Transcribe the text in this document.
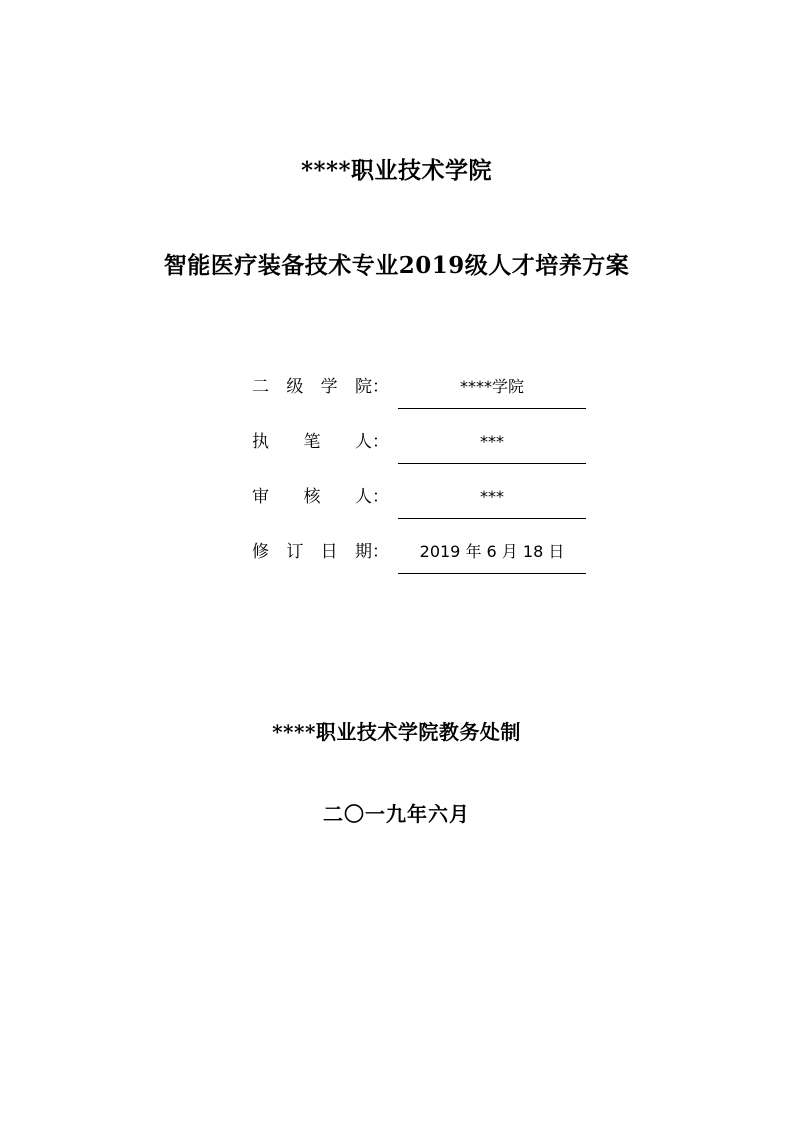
****职业技术学院
智能医疗装备技术专业2019级人才培养方案
二 级 学 院 ：	****学院
执 笔 人 ：	***
审 核 人 ：	***
修 订 日 期 ：	2019 年 6 月 18 日
****职业技术学院教务处制
二〇一九年六月
